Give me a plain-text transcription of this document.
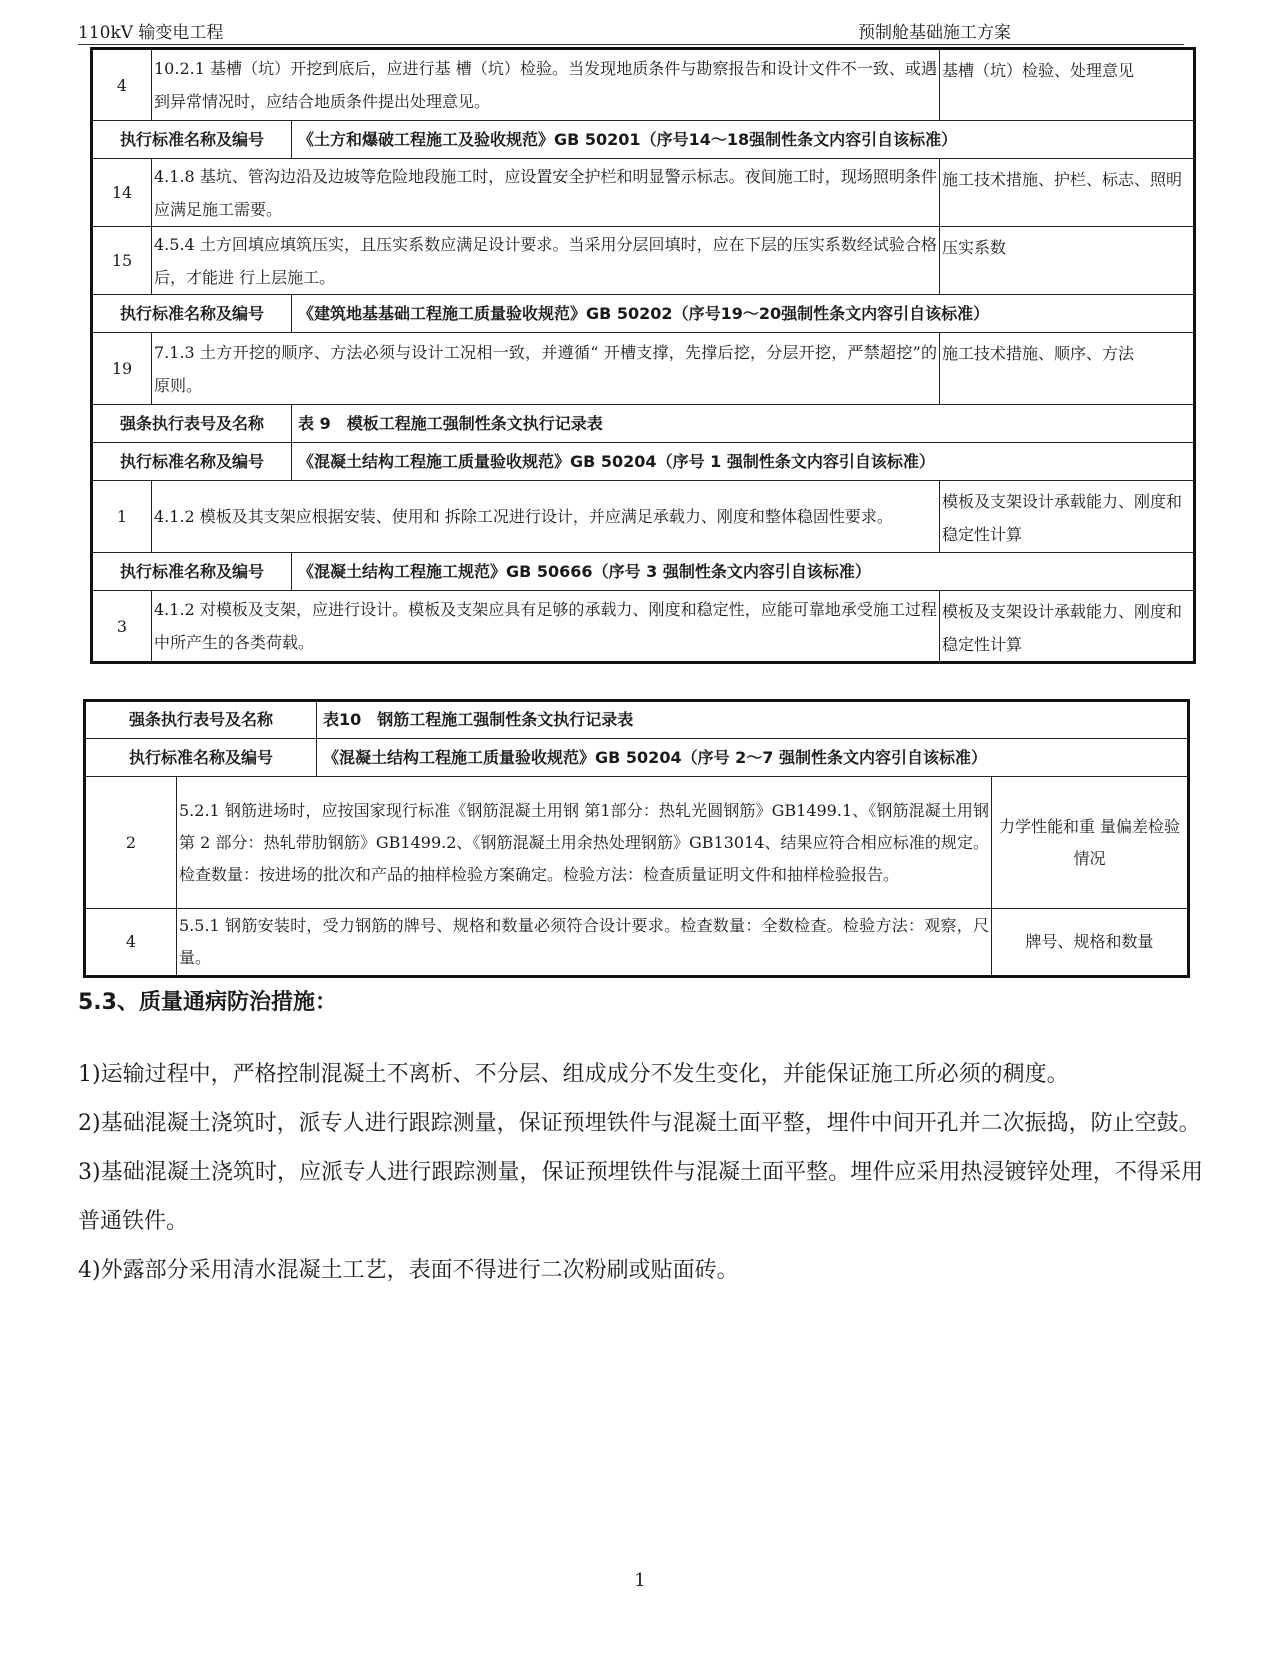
110kV 输变电工程	预制舱基础施工方案
4	10.2.1 基槽（坑）开挖到底后，应进行基 槽（坑）检验。当发现地质条件与勘察报告和设计文件不一致、或遇到异常情况时，应结合地质条件提出处理意见。		基槽（坑）检验、处理意见
执行标准名称及编号		《土方和爆破工程施工及验收规范》GB 50201（序号14～18强制性条文内容引自该标准）	
14	4.1.8 基坑、管沟边沿及边坡等危险地段施工时，应设置安全护栏和明显警示标志。夜间施工时，现场照明条件应满足施工需要。		施工技术措施、护栏、标志、照明
15	4.5.4 土方回填应填筑压实，且压实系数应满足设计要求。当采用分层回填时，应在下层的压实系数经试验合格后，才能进 行上层施工。		压实系数
执行标准名称及编号		《建筑地基基础工程施工质量验收规范》GB 50202（序号19～20强制性条文内容引自该标准）	
19	7.1.3 土方开挖的顺序、方法必须与设计工况相一致，并遵循“ 开槽支撑，先撑后挖，分层开挖，严禁超挖”的原则。		施工技术措施、顺序、方法
强条执行表号及名称		表 9　模板工程施工强制性条文执行记录表	
执行标准名称及编号		《混凝土结构工程施工质量验收规范》GB 50204（序号 1 强制性条文内容引自该标准）	
1	4.1.2 模板及其支架应根据安装、使用和 拆除工况进行设计，并应满足承载力、刚度和整体稳固性要求。		模板及支架设计承载能力、刚度和稳定性计算
执行标准名称及编号		《混凝土结构工程施工规范》GB 50666（序号 3 强制性条文内容引自该标准）	
3	4.1.2 对模板及支架，应进行设计。模板及支架应具有足够的承载力、刚度和稳定性，应能可靠地承受施工过程中所产生的各类荷载。		模板及支架设计承载能力、刚度和稳定性计算
强条执行表号及名称		表10　钢筋工程施工强制性条文执行记录表	
执行标准名称及编号		《混凝土结构工程施工质量验收规范》GB 50204（序号 2～7 强制性条文内容引自该标准）	
2	5.2.1 钢筋进场时，应按国家现行标准《钢筋混凝土用钢 第1部分：热轧光圆钢筋》GB1499.1、《钢筋混凝土用钢 第 2 部分：热轧带肋钢筋》GB1499.2、《钢筋混凝土用余热处理钢筋》GB13014、结果应符合相应标准的规定。检查数量：按进场的批次和产品的抽样检验方案确定。检验方法：检查质量证明文件和抽样检验报告。		力学性能和重 量偏差检验情况
4	5.5.1 钢筋安装时，受力钢筋的牌号、规格和数量必须符合设计要求。检查数量：全数检查。检验方法：观察，尺量。		牌号、规格和数量
5.3、质量通病防治措施：

1)运输过程中，严格控制混凝土不离析、不分层、组成成分不发生变化，并能保证施工所必须的稠度。

2)基础混凝土浇筑时，派专人进行跟踪测量，保证预埋铁件与混凝土面平整，埋件中间开孔并二次振捣，防止空鼓。

3)基础混凝土浇筑时，应派专人进行跟踪测量，保证预埋铁件与混凝土面平整。埋件应采用热浸镀锌处理，不得采用普通铁件。

4)外露部分采用清水混凝土工艺，表面不得进行二次粉刷或贴面砖。

1
